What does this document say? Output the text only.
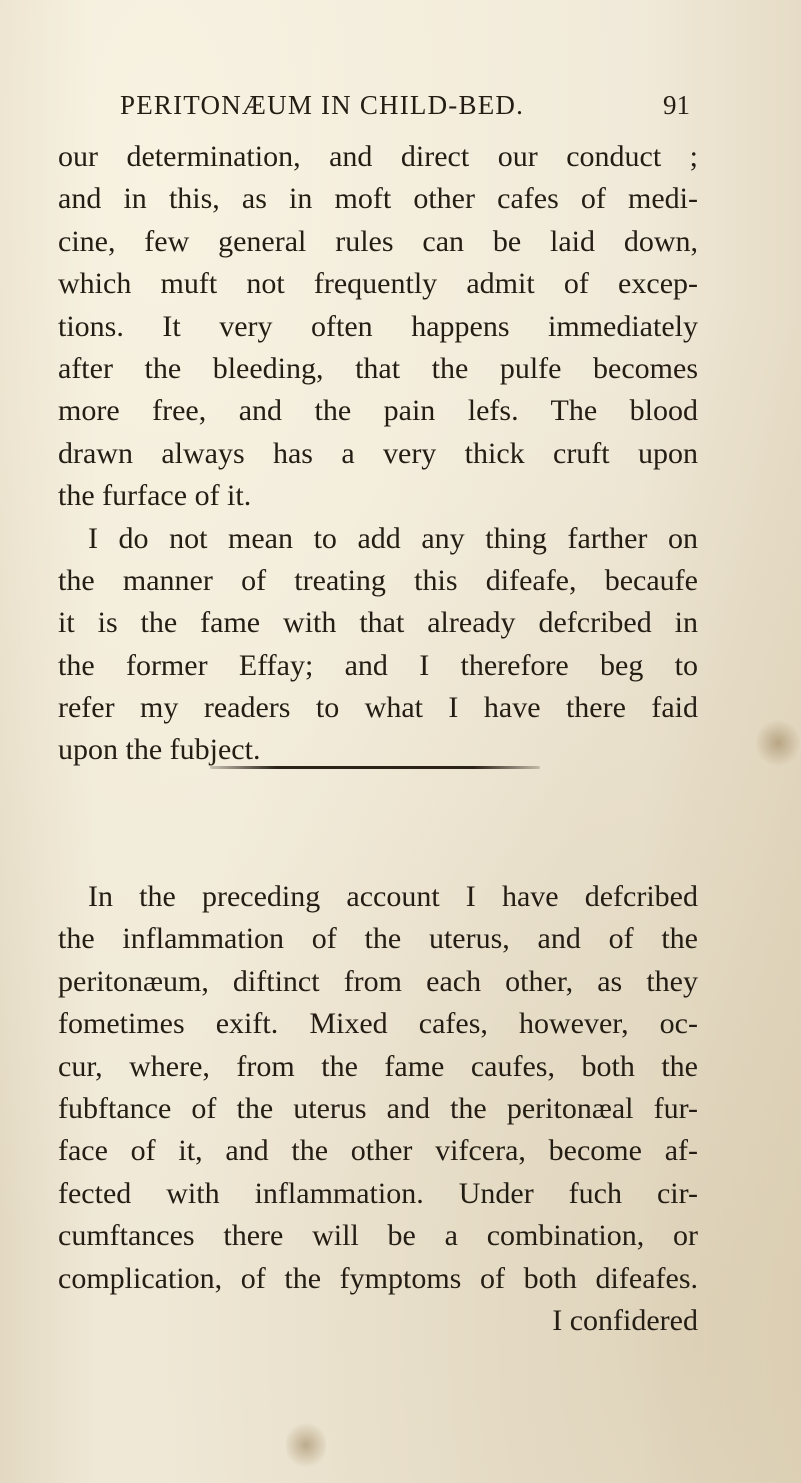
PERITONÆUM IN CHILD-BED.	91
our determination, and direct our conduct ;
and in this, as in moft other cafes of medi-
cine, few general rules can be laid down,
which muft not frequently admit of excep-
tions. It very often happens immediately
after the bleeding, that the pulfe becomes
more free, and the pain lefs. The blood
drawn always has a very thick cruft upon
the furface of it.
I do not mean to add any thing farther on
the manner of treating this difeafe, becaufe
it is the fame with that already defcribed in
the former Effay; and I therefore beg to
refer my readers to what I have there faid
upon the fubject.
In the preceding account I have defcribed
the inflammation of the uterus, and of the
peritonæum, diftinct from each other, as they
fometimes exift. Mixed cafes, however, oc-
cur, where, from the fame caufes, both the
fubftance of the uterus and the peritonæal fur-
face of it, and the other vifcera, become af-
fected with inflammation. Under fuch cir-
cumftances there will be a combination, or
complication, of the fymptoms of both difeafes.
I confidered
